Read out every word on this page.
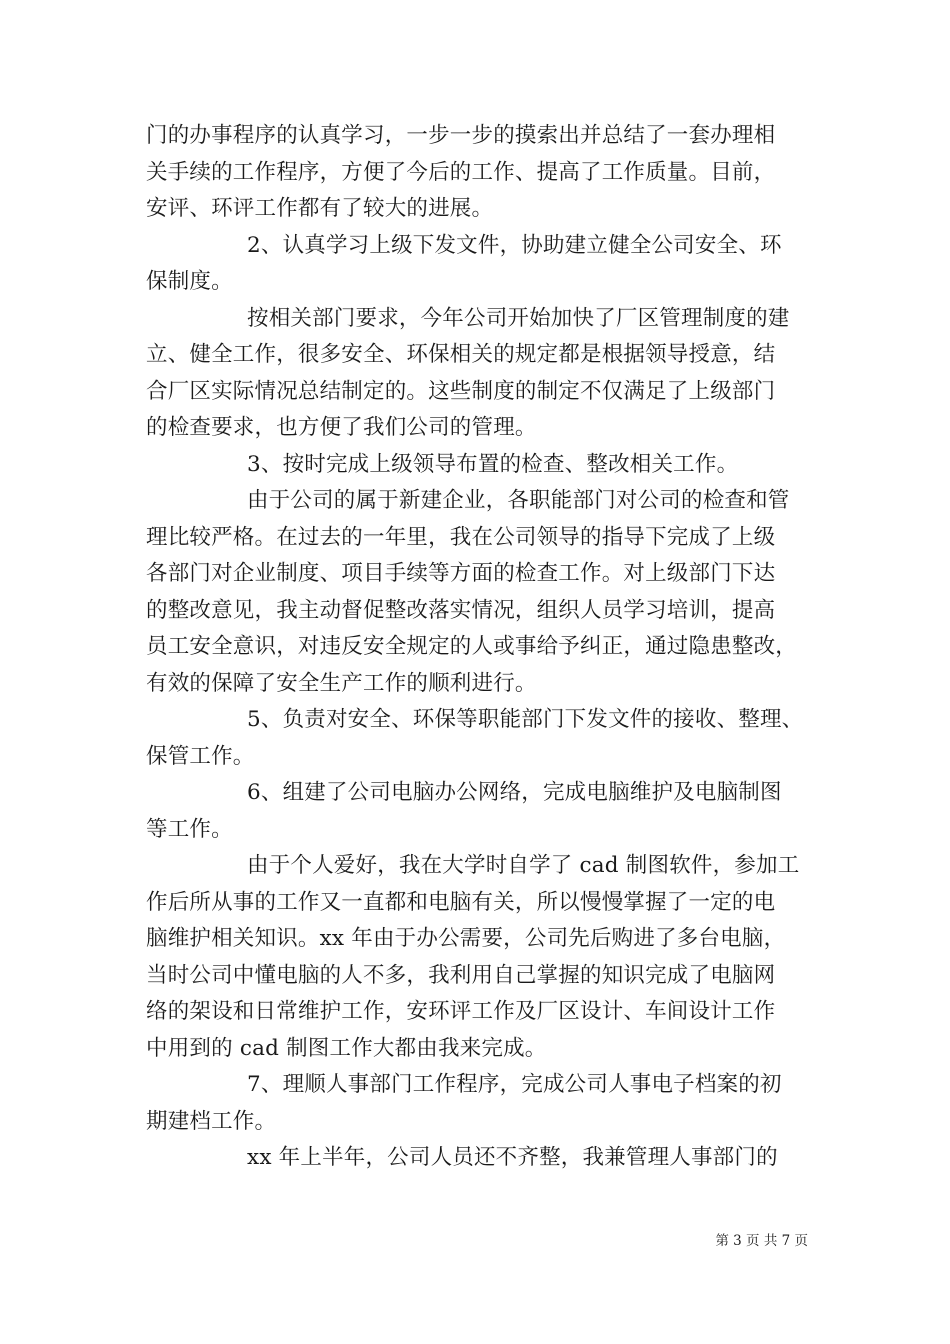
门的办事程序的认真学习，一步一步的摸索出并总结了一套办理相
关手续的工作程序，方便了今后的工作、提高了工作质量。目前，
安评、环评工作都有了较大的进展。
2、认真学习上级下发文件，协助建立健全公司安全、环
保制度。
按相关部门要求，今年公司开始加快了厂区管理制度的建
立、健全工作，很多安全、环保相关的规定都是根据领导授意，结
合厂区实际情况总结制定的。这些制度的制定不仅满足了上级部门
的检查要求，也方便了我们公司的管理。
3、按时完成上级领导布置的检查、整改相关工作。
由于公司的属于新建企业，各职能部门对公司的检查和管
理比较严格。在过去的一年里，我在公司领导的指导下完成了上级
各部门对企业制度、项目手续等方面的检查工作。对上级部门下达
的整改意见，我主动督促整改落实情况，组织人员学习培训，提高
员工安全意识，对违反安全规定的人或事给予纠正，通过隐患整改，
有效的保障了安全生产工作的顺利进行。
5、负责对安全、环保等职能部门下发文件的接收、整理、
保管工作。
6、组建了公司电脑办公网络，完成电脑维护及电脑制图
等工作。
由于个人爱好，我在大学时自学了 cad 制图软件，参加工
作后所从事的工作又一直都和电脑有关，所以慢慢掌握了一定的电
脑维护相关知识。xx 年由于办公需要，公司先后购进了多台电脑，
当时公司中懂电脑的人不多，我利用自己掌握的知识完成了电脑网
络的架设和日常维护工作，安环评工作及厂区设计、车间设计工作
中用到的 cad 制图工作大都由我来完成。
7、理顺人事部门工作程序，完成公司人事电子档案的初
期建档工作。
xx 年上半年，公司人员还不齐整，我兼管理人事部门的
第 3 页 共 7 页
